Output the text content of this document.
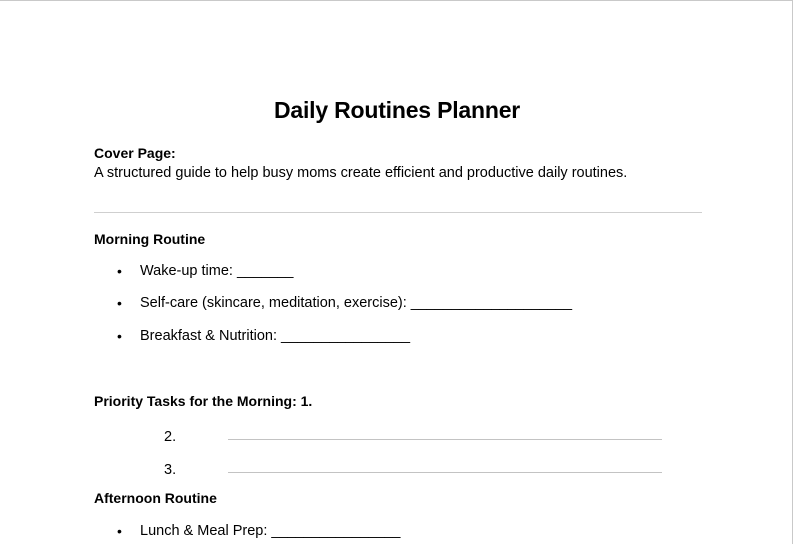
Daily Routines Planner
Cover Page:
A structured guide to help busy moms create efficient and productive daily routines.
Morning Routine
• Wake-up time: _______
• Self-care (skincare, meditation, exercise): ____________________
• Breakfast & Nutrition: ________________
Priority Tasks for the Morning: 1.
2.
3.
Afternoon Routine
• Lunch & Meal Prep: ________________
